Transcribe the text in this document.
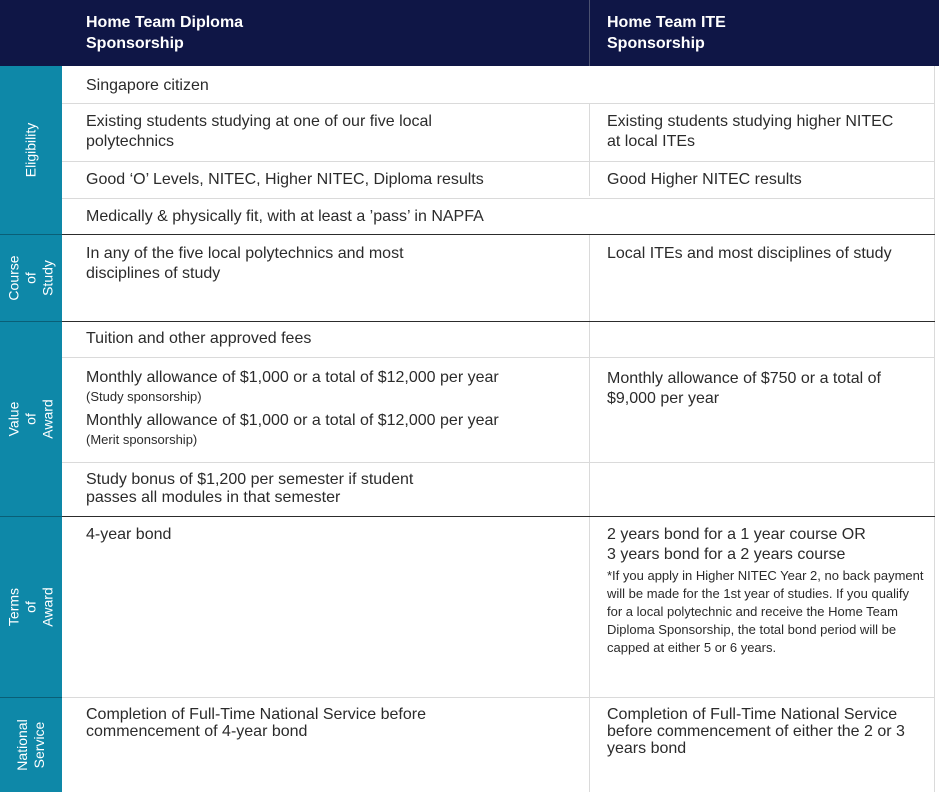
Home Team Diploma
Sponsorship
Home Team ITE
Sponsorship
Eligibility
Course
of Study
Value of Award
Terms of
Award
National
Service
Singapore citizen
Existing students studying at one of our five local polytechnics
Existing students studying higher NITEC at local ITEs
Good ‘O’ Levels, NITEC, Higher NITEC, Diploma results	Good Higher NITEC results
Medically & physically fit, with at least a ’pass’ in NAPFA
In any of the five local polytechnics and most disciplines of study
Local ITEs and most disciplines of study
Tuition and other approved fees
Monthly allowance of $1,000 or a total of $12,000 per year
(Study sponsorship)
Monthly allowance of $1,000 or a total of $12,000 per year
(Merit sponsorship)
Monthly allowance of $750 or a total of $9,000 per year
Study bonus of $1,200 per semester if student passes all modules in that semester
4-year bond	2 years bond for a 1 year course OR
3 years bond for a 2 years course
*If you apply in Higher NITEC Year 2, no back payment will be made for the 1st year of studies. If you qualify for a local polytechnic and receive the Home Team Diploma Sponsorship, the total bond period will be capped at either 5 or 6 years.
Completion of Full-Time National Service before commencement of 4-year bond
Completion of Full-Time National Service before commencement of either the 2 or 3 years bond
